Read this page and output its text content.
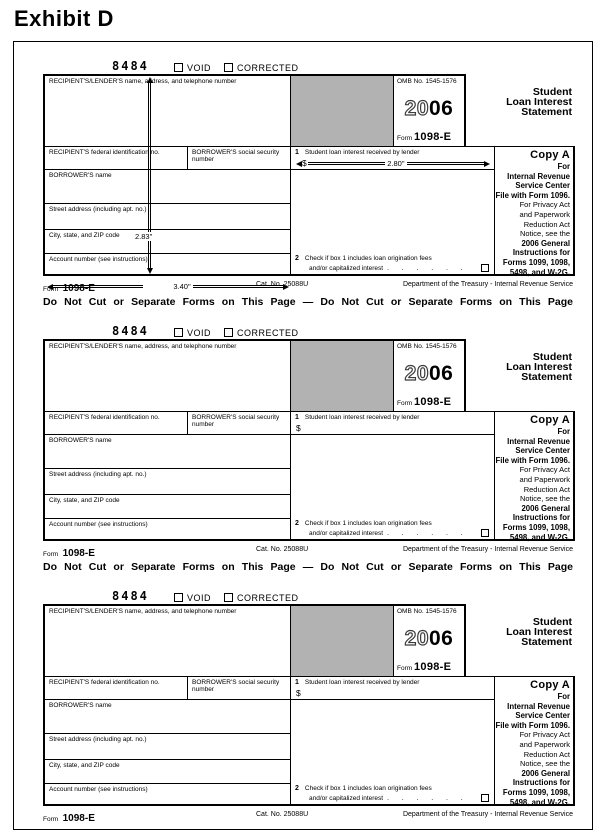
Exhibit D
8484	VOID	CORRECTED
RECIPIENT'S/LENDER'S name, address, and telephone number	OMB No. 1545-1576
20 06
Form 1098-E
Student
Loan Interest
Statement
RECIPIENT'S federal identification no.	BORROWER'S social security number
BORROWER'S name
3.40"
Street address (including apt. no.)
City, state, and ZIP code
Account number (see instructions)
1 Student loan interest received by lender
$	2.80"
2 Check if box 1 includes loan origination fees
and/or capitalized interest .    .    .    .    .    .
Copy A
For
Internal Revenue
Service Center
File with Form 1096.
For Privacy Act
and Paperwork
Reduction Act
Notice, see the
2006 General
Instructions for
Forms 1099, 1098,
5498, and W-2G.
2.83"
Form 1098-E	Cat. No. 25088U	Department of the Treasury - Internal Revenue Service
Do Not Cut or Separate Forms on This Page — Do Not Cut or Separate Forms on This Page
8484	VOID	CORRECTED
RECIPIENT'S/LENDER'S name, address, and telephone number	OMB No. 1545-1576
20 06
Form 1098-E
Student
Loan Interest
Statement
RECIPIENT'S federal identification no.	BORROWER'S social security number
BORROWER'S name
Street address (including apt. no.)
City, state, and ZIP code
Account number (see instructions)
1 Student loan interest received by lender
$
2 Check if box 1 includes loan origination fees
and/or capitalized interest .    .    .    .    .    .
Copy A
For
Internal Revenue
Service Center
File with Form 1096.
For Privacy Act
and Paperwork
Reduction Act
Notice, see the
2006 General
Instructions for
Forms 1099, 1098,
5498, and W-2G.
Form 1098-E	Cat. No. 25088U	Department of the Treasury - Internal Revenue Service
Do Not Cut or Separate Forms on This Page — Do Not Cut or Separate Forms on This Page
8484	VOID	CORRECTED
RECIPIENT'S/LENDER'S name, address, and telephone number	OMB No. 1545-1576
20 06
Form 1098-E
Student
Loan Interest
Statement
RECIPIENT'S federal identification no.	BORROWER'S social security number
BORROWER'S name
Street address (including apt. no.)
City, state, and ZIP code
Account number (see instructions)
1 Student loan interest received by lender
$
2 Check if box 1 includes loan origination fees
and/or capitalized interest .    .    .    .    .    .
Copy A
For
Internal Revenue
Service Center
File with Form 1096.
For Privacy Act
and Paperwork
Reduction Act
Notice, see the
2006 General
Instructions for
Forms 1099, 1098,
5498, and W-2G.
Form 1098-E	Cat. No. 25088U	Department of the Treasury - Internal Revenue Service
